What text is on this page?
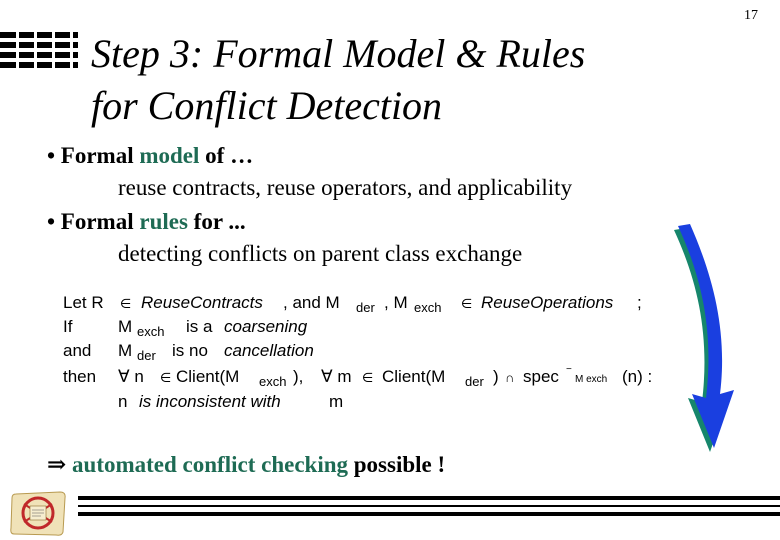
17
Step 3: Formal Model & Rules
for Conflict Detection
• Formal model of …
reuse contracts, reuse operators, and applicability
• Formal rules for ...
detecting conflicts on parent class exchange
Let R ∈ ReuseContracts , and M der , M exch ∈ ReuseOperations ;
If	M exch is a coarsening
and M der is no cancellation
then ∀ n ∈ Client(M exch ), ∀ m ∈ Client(M der ) ∩ spec −
M exch (n) :
n is inconsistent with	m
⇒ automated conflict checking possible !
